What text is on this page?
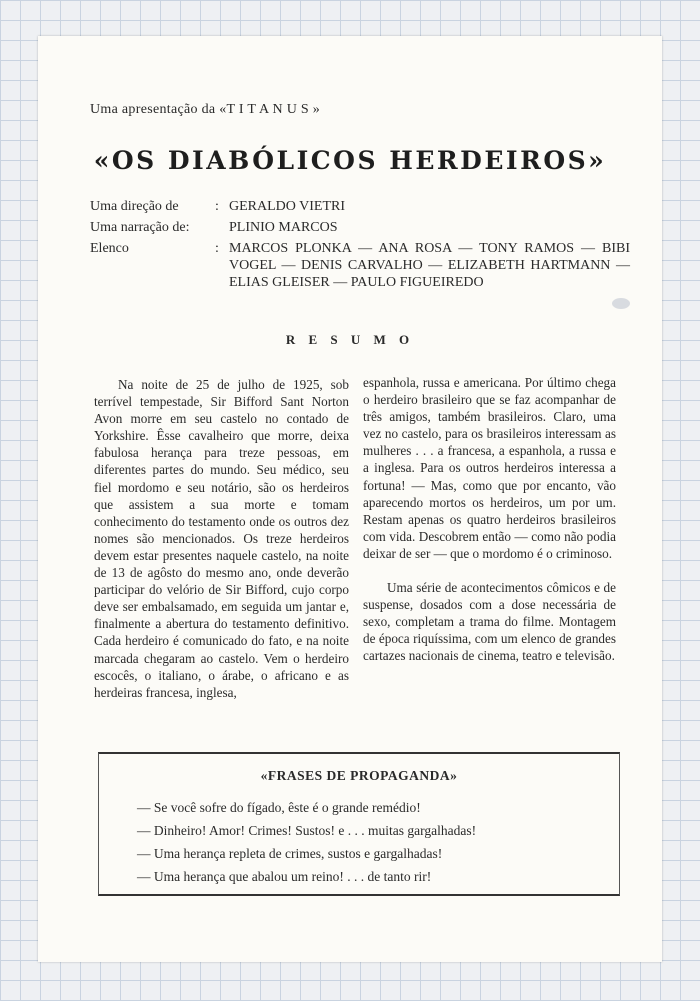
Uma apresentação da «T I T A N U S »
«OS DIABÓLICOS HERDEIROS»
Uma direção de	: GERALDO VIETRI
Uma narração de:	PLINIO MARCOS
Elenco	: MARCOS PLONKA — ANA ROSA — TONY RAMOS — BIBI VOGEL — DENIS CARVALHO — ELIZABETH HARTMANN — ELIAS GLEISER — PAULO FIGUEIREDO
R E S U M O

Na noite de 25 de julho de 1925, sob terrível tempestade, Sir Bifford Sant Norton Avon morre em seu castelo no contado de Yorkshire. Êsse cavalheiro que morre, deixa fabulosa herança para treze pessoas, em diferentes partes do mundo. Seu médico, seu fiel mordomo e seu notário, são os herdeiros que assistem a sua morte e tomam conhecimento do testamento onde os outros dez nomes são mencionados. Os treze herdeiros devem estar presentes naquele castelo, na noite de 13 de agôsto do mesmo ano, onde deverão participar do velório de Sir Bifford, cujo corpo deve ser embalsamado, em seguida um jantar e, finalmente a abertura do testamento definitivo. Cada herdeiro é comunicado do fato, e na noite marcada chegaram ao castelo. Vem o herdeiro escocês, o italiano, o árabe, o africano e as herdeiras francesa, inglesa,

espanhola, russa e americana. Por último chega o herdeiro brasileiro que se faz acompanhar de três amigos, também brasileiros. Claro, uma vez no castelo, para os brasileiros interessam as mulheres . . . a francesa, a espanhola, a russa e a inglesa. Para os outros herdeiros interessa a fortuna! — Mas, como que por encanto, vão aparecendo mortos os herdeiros, um por um. Restam apenas os quatro herdeiros brasileiros com vida. Descobrem então — como não podia deixar de ser — que o mordomo é o criminoso.

Uma série de acontecimentos cômicos e de suspense, dosados com a dose necessária de sexo, completam a trama do filme. Montagem de época riquíssima, com um elenco de grandes cartazes nacionais de cinema, teatro e televisão.

«FRASES DE PROPAGANDA»
— Se você sofre do fígado, êste é o grande remédio!
— Dinheiro! Amor! Crimes! Sustos! e . . . muitas gargalhadas!
— Uma herança repleta de crimes, sustos e gargalhadas!
— Uma herança que abalou um reino! . . . de tanto rir!
